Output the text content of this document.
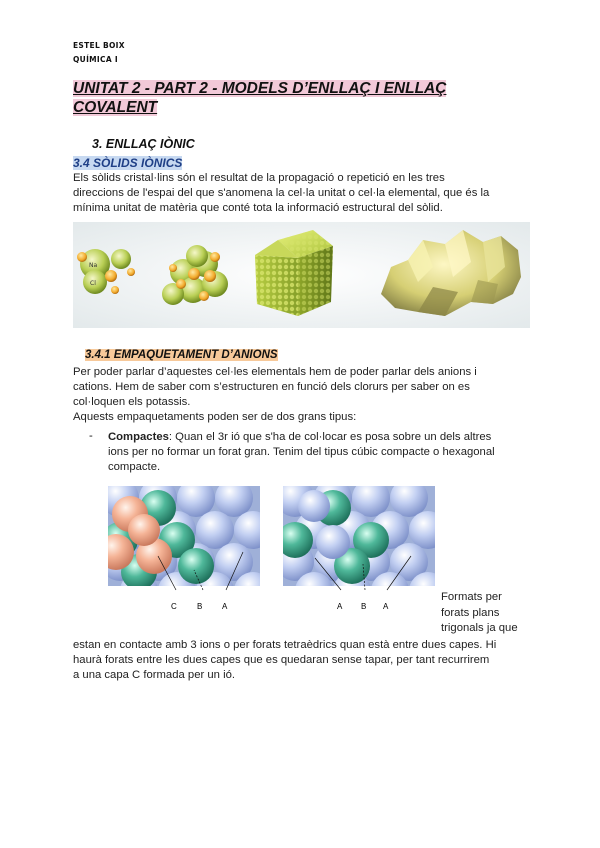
ESTEL BOIX
QUÍMICA I
UNITAT 2 - PART 2 - MODELS D’ENLLAÇ I ENLLAÇ
COVALENT
3. ENLLAÇ IÒNIC
3.4 SÒLIDS IÒNICS
Els sòlids cristal·lins són el resultat de la propagació o repetició en les tres
direccions de l'espai del que s'anomena la cel·la unitat o cel·la elemental, que és la
mínima unitat de matèria que conté tota la informació estructural del sòlid.
Na
Cl
3.4.1 EMPAQUETAMENT D’ANIONS
Per poder parlar d’aquestes cel·les elementals hem de poder parlar dels anions i
cations. Hem de saber com s’estructuren en funció dels clorurs per saber on es
col·loquen els potassis.
Aquests empaquetaments poden ser de dos grans tipus:
- Compactes: Quan el 3r ió que s'ha de col·locar es posa sobre un dels altres
ions per no formar un forat gran. Tenim del tipus cúbic compacte o hexagonal
compacte.
C	B A	A B A
Formats per
forats plans
trigonals ja que
estan en contacte amb 3 ions o per forats tetraèdrics quan està entre dues capes. Hi
haurà forats entre les dues capes que es quedaran sense tapar, per tant recurrirem
a una capa C formada per un ió.
